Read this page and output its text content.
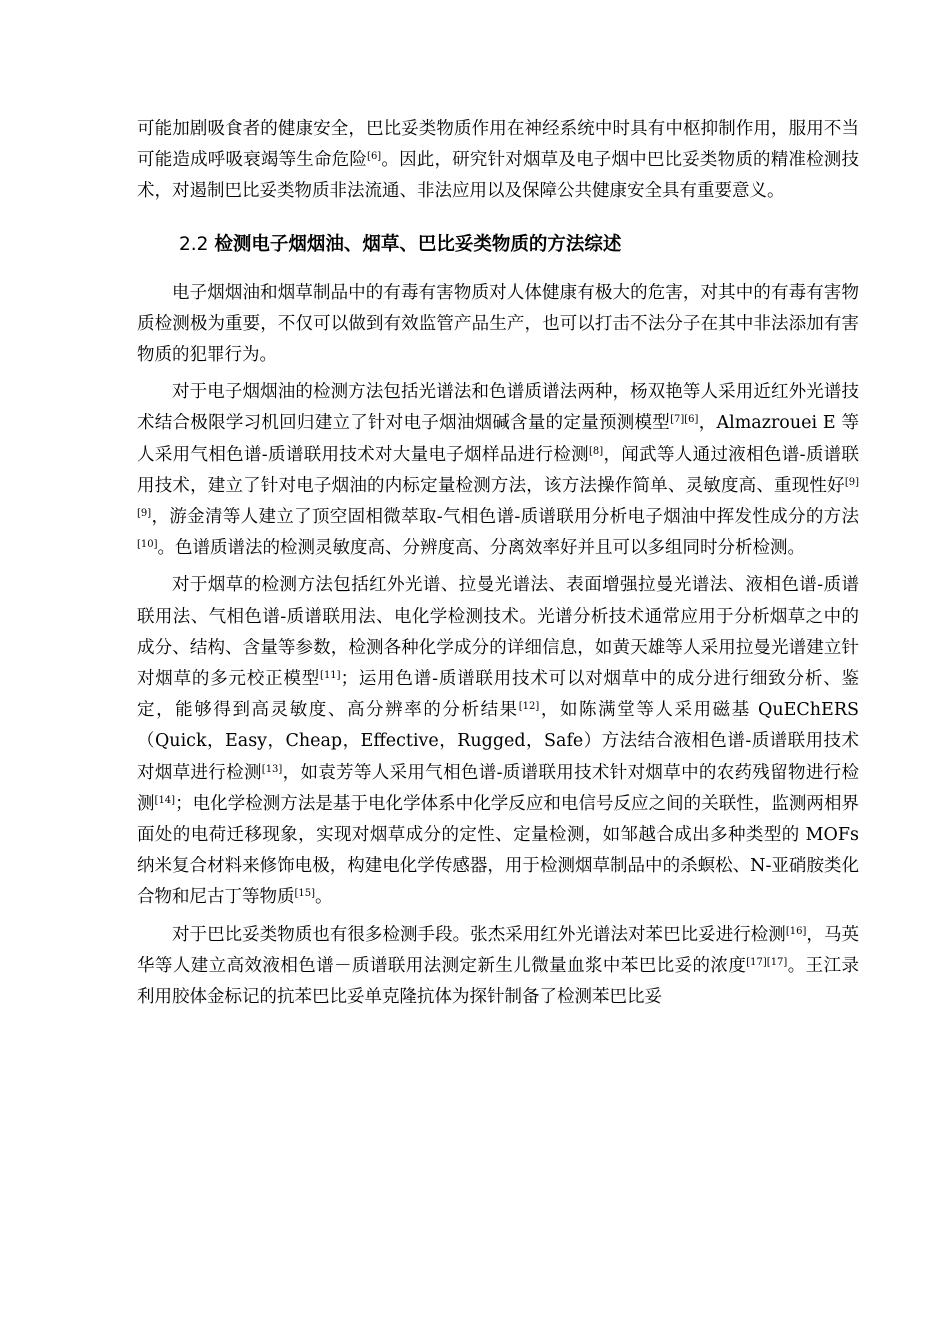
可能加剧吸食者的健康安全，巴比妥类物质作用在神经系统中时具有中枢抑制作用，服用不当可能造成呼吸衰竭等生命危险[6]。因此，研究针对烟草及电子烟中巴比妥类物质的精准检测技术，对遏制巴比妥类物质非法流通、非法应用以及保障公共健康安全具有重要意义。

2.2 检测电子烟烟油、烟草、巴比妥类物质的方法综述

电子烟烟油和烟草制品中的有毒有害物质对人体健康有极大的危害，对其中的有毒有害物质检测极为重要，不仅可以做到有效监管产品生产，也可以打击不法分子在其中非法添加有害物质的犯罪行为。

对于电子烟烟油的检测方法包括光谱法和色谱质谱法两种，杨双艳等人采用近红外光谱技术结合极限学习机回归建立了针对电子烟油烟碱含量的定量预测模型[7][6]，Almazrouei E 等人采用气相色谱-质谱联用技术对大量电子烟样品进行检测[8]，闻武等人通过液相色谱-质谱联用技术，建立了针对电子烟油的内标定量检测方法，该方法操作简单、灵敏度高、重现性好[9][9]，游金清等人建立了顶空固相微萃取-气相色谱-质谱联用分析电子烟油中挥发性成分的方法[10]。色谱质谱法的检测灵敏度高、分辨度高、分离效率好并且可以多组同时分析检测。

对于烟草的检测方法包括红外光谱、拉曼光谱法、表面增强拉曼光谱法、液相色谱-质谱联用法、气相色谱-质谱联用法、电化学检测技术。光谱分析技术通常应用于分析烟草之中的成分、结构、含量等参数，检测各种化学成分的详细信息，如黄天雄等人采用拉曼光谱建立针对烟草的多元校正模型[11]；运用色谱-质谱联用技术可以对烟草中的成分进行细致分析、鉴定，能够得到高灵敏度、高分辨率的分析结果[12]，如陈满堂等人采用磁基 QuEChERS（Quick，Easy，Cheap，Effective，Rugged，Safe）方法结合液相色谱-质谱联用技术对烟草进行检测[13]，如袁芳等人采用气相色谱-质谱联用技术针对烟草中的农药残留物进行检测[14]；电化学检测方法是基于电化学体系中化学反应和电信号反应之间的关联性，监测两相界面处的电荷迁移现象，实现对烟草成分的定性、定量检测，如邹越合成出多种类型的 MOFs 纳米复合材料来修饰电极，构建电化学传感器，用于检测烟草制品中的杀螟松、N-亚硝胺类化合物和尼古丁等物质[15]。

对于巴比妥类物质也有很多检测手段。张杰采用红外光谱法对苯巴比妥进行检测[16]，马英华等人建立高效液相色谱－质谱联用法测定新生儿微量血浆中苯巴比妥的浓度[17][17]。王江录利用胶体金标记的抗苯巴比妥单克隆抗体为探针制备了检测苯巴比妥
